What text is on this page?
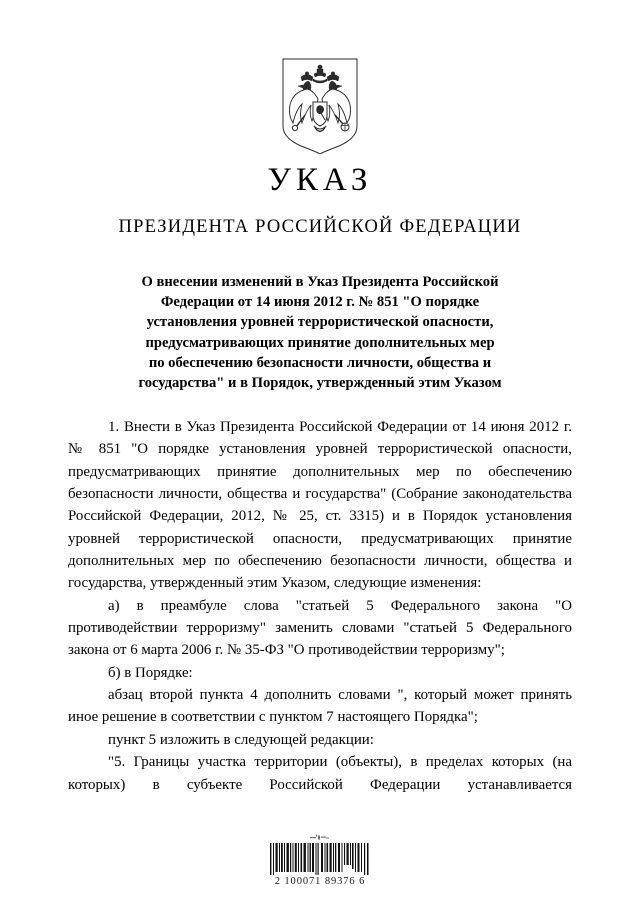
УКАЗ
ПРЕЗИДЕНТА РОССИЙСКОЙ ФЕДЕРАЦИИ
О внесении изменений в Указ Президента Российской
Федерации от 14 июня 2012 г. № 851 "О порядке
установления уровней террористической опасности,
предусматривающих принятие дополнительных мер
по обеспечению безопасности личности, общества и
государства" и в Порядок, утвержденный этим Указом

1. Внести в Указ Президента Российской Федерации от 14 июня 2012 г. № 851 "О порядке установления уровней террористической опасности, предусматривающих принятие дополнительных мер по обеспечению безопасности личности, общества и государства" (Собрание законодательства Российской Федерации, 2012, № 25, ст. 3315) и в Порядок установления уровней террористической опасности, предусматривающих принятие дополнительных мер по обеспечению безопасности личности, общества и государства, утвержденный этим Указом, следующие изменения:

а) в преамбуле слова "статьей 5 Федерального закона "О противодействии терроризму" заменить словами "статьей 5 Федерального закона от 6 марта 2006 г. № 35-ФЗ "О противодействии терроризму";

б) в Порядке:

абзац второй пункта 4 дополнить словами ", который может принять иное решение в соответствии с пунктом 7 настоящего Порядка";

пункт 5 изложить в следующей редакции:

"5. Границы участка территории (объекты), в пределах которых (на которых) в субъекте Российской Федерации устанавливается

2 100071 89376 6
